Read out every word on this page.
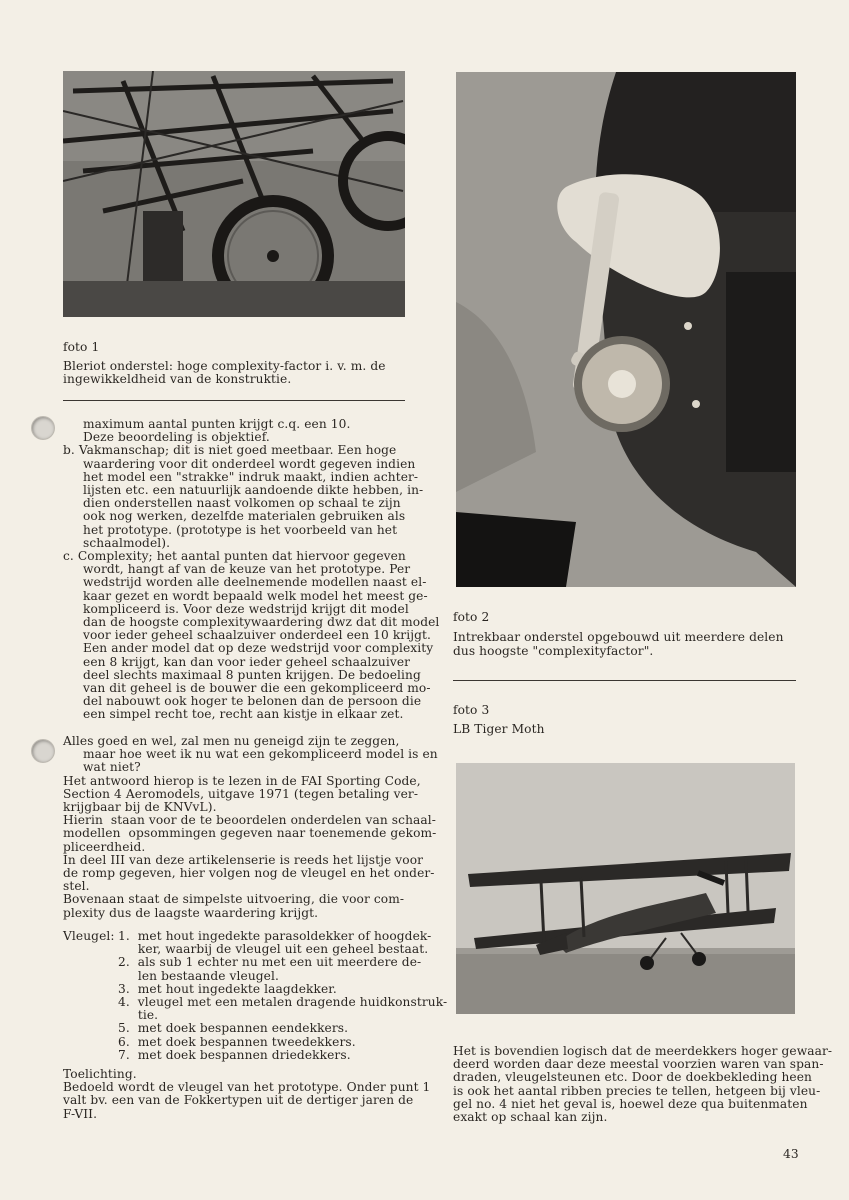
foto 1
Bleriot onderstel: hoge complexity-factor i. v. m. de
ingewikkeldheid van de konstruktie.
maximum aantal punten krijgt c.q. een 10.
Deze beoordeling is objektief.
b. Vakmanschap; dit is niet goed meetbaar. Een hoge
waardering voor dit onderdeel wordt gegeven indien
het model een "strakke" indruk maakt, indien achter-
lijsten etc. een natuurlijk aandoende dikte hebben, in-
dien onderstellen naast volkomen op schaal te zijn
ook nog werken, dezelfde materialen gebruiken als
het prototype. (prototype is het voorbeeld van het
schaalmodel).
c. Complexity; het aantal punten dat hiervoor gegeven
wordt, hangt af van de keuze van het prototype. Per
wedstrijd worden alle deelnemende modellen naast el-
kaar gezet en wordt bepaald welk model het meest ge-
kompliceerd is. Voor deze wedstrijd krijgt dit model
dan de hoogste complexitywaardering dwz dat dit model
voor ieder geheel schaalzuiver onderdeel een 10 krijgt.
Een ander model dat op deze wedstrijd voor complexity
een 8 krijgt, kan dan voor ieder geheel schaalzuiver
deel slechts maximaal 8 punten krijgen. De bedoeling
van dit geheel is de bouwer die een gekompliceerd mo-
del nabouwt ook hoger te belonen dan de persoon die
een simpel recht toe, recht aan kistje in elkaar zet.
Alles goed en wel, zal men nu geneigd zijn te zeggen,
maar hoe weet ik nu wat een gekompliceerd model is en
wat niet?
Het antwoord hierop is te lezen in de FAI Sporting Code,
Section 4 Aeromodels, uitgave 1971 (tegen betaling ver-
krijgbaar bij de KNVvL).
Hierin  staan voor de te beoordelen onderdelen van schaal-
modellen  opsommingen gegeven naar toenemende gekom-
pliceerdheid.
In deel III van deze artikelenserie is reeds het lijstje voor
de romp gegeven, hier volgen nog de vleugel en het onder-
stel.
Bovenaan staat de simpelste uitvoering, die voor com-
plexity dus de laagste waardering krijgt.
Vleugel: 1.  met hout ingedekte parasoldekker of hoogdek-
ker, waarbij de vleugel uit een geheel bestaat.
2.  als sub 1 echter nu met een uit meerdere de-
len bestaande vleugel.
3.  met hout ingedekte laagdekker.
4.  vleugel met een metalen dragende huidkonstruk-
tie.
5.  met doek bespannen eendekkers.
6.  met doek bespannen tweedekkers.
7.  met doek bespannen driedekkers.
Toelichting.
Bedoeld wordt de vleugel van het prototype. Onder punt 1
valt bv. een van de Fokkertypen uit de dertiger jaren de
F-VII.
foto 2
Intrekbaar onderstel opgebouwd uit meerdere delen
dus hoogste "complexityfactor".
foto 3
LB Tiger Moth
Het is bovendien logisch dat de meerdekkers hoger gewaar-
deerd worden daar deze meestal voorzien waren van span-
draden, vleugelsteunen etc. Door de doekbekleding heen
is ook het aantal ribben precies te tellen, hetgeen bij vleu-
gel no. 4 niet het geval is, hoewel deze qua buitenmaten
exakt op schaal kan zijn.
43
